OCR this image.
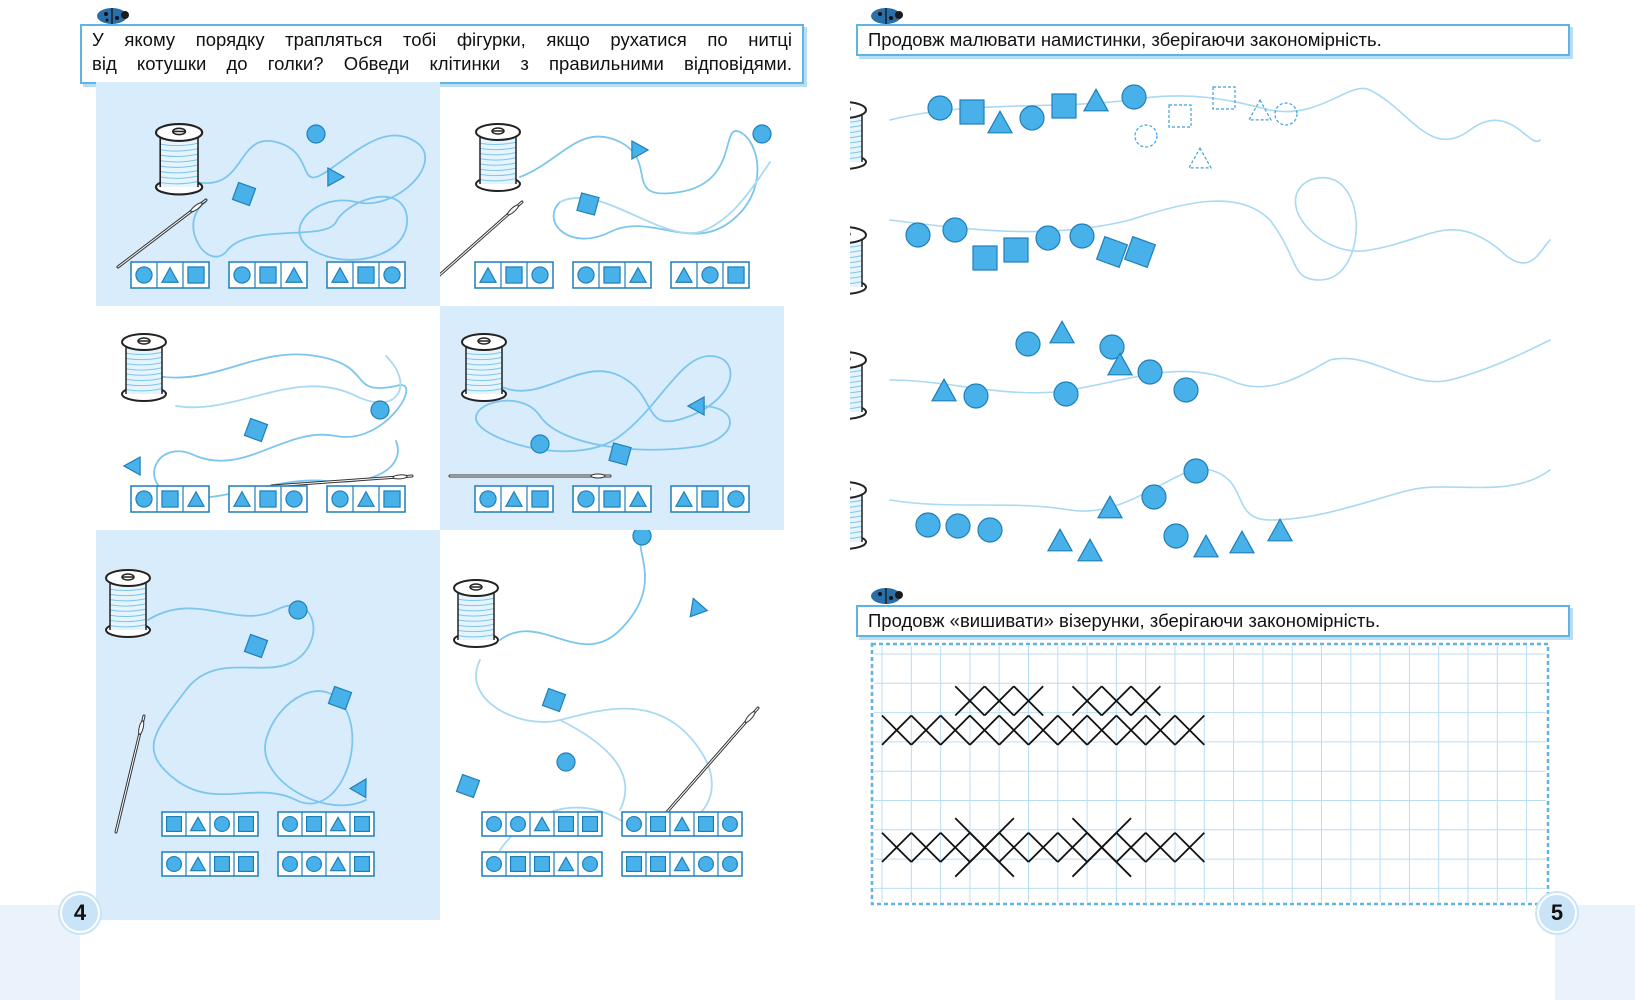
У якому порядку трапляться тобі фігурки, якщо рухатися по нитці
від котушки до голки? Обведи клітинки з правильними відповідями.
Продовж малювати намистинки, зберігаючи закономірність.
Продовж «вишивати» візерунки, зберігаючи закономірність.
4	5
